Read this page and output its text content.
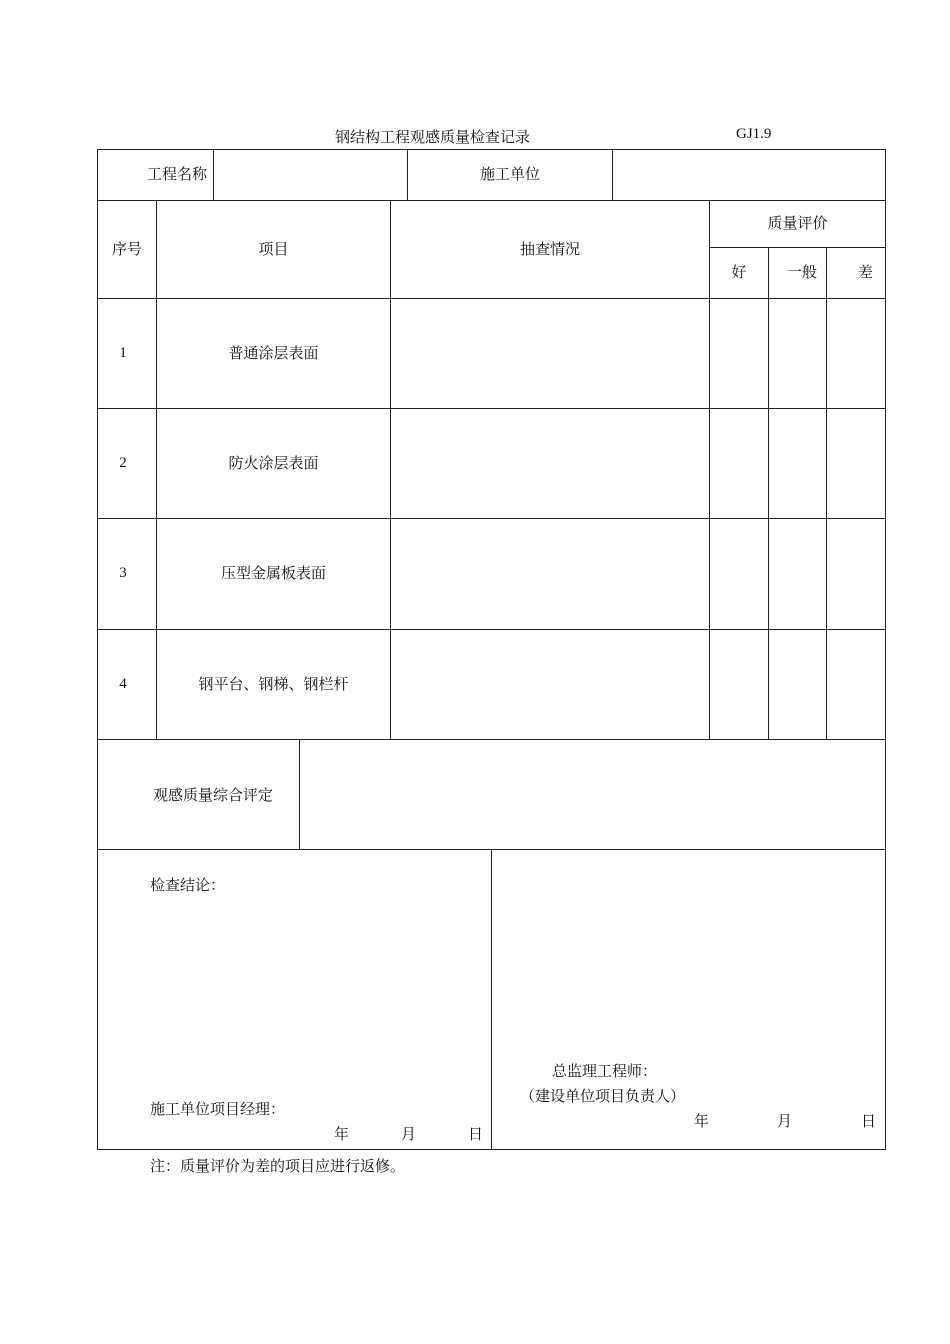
钢结构工程观感质量检查记录	GJ1.9
工程名称	施工单位
序号	项目	抽查情况
质量评价
好	一般	差
1	普通涂层表面
2	防火涂层表面
3	压型金属板表面
4	钢平台、钢梯、钢栏杆
观感质量综合评定
检查结论：
施工单位项目经理：
年	月	日
总监理工程师：
（建设单位项目负责人）
年	月	日
注：质量评价为差的项目应进行返修。
